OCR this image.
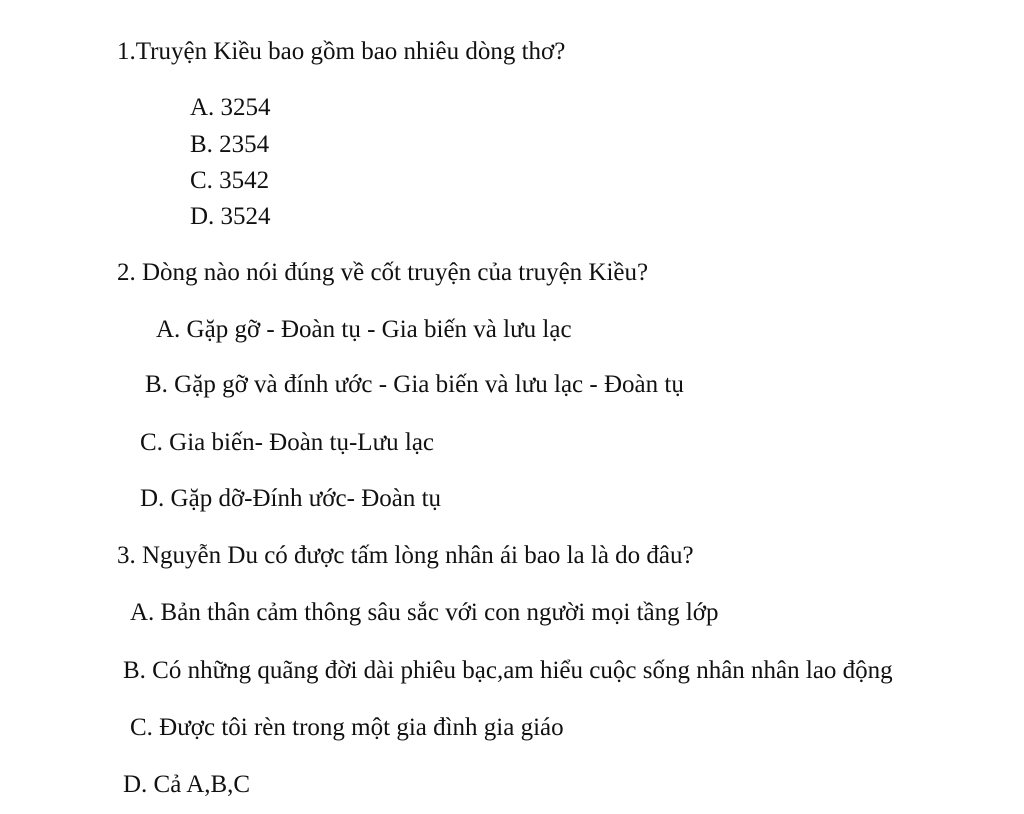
1.Truyện Kiều bao gồm bao nhiêu dòng thơ?
A. 3254
B. 2354
C. 3542
D. 3524
2. Dòng nào nói đúng về cốt truyện của truyện Kiều?
A. Gặp gỡ - Đoàn tụ - Gia biến và lưu lạc
B. Gặp gỡ và đính ước - Gia biến và lưu lạc - Đoàn tụ
C. Gia biến- Đoàn tụ-Lưu lạc
D. Gặp dỡ-Đính ước- Đoàn tụ
3. Nguyễn Du có được tấm lòng nhân ái bao la là do đâu?
A. Bản thân cảm thông sâu sắc với con người mọi tầng lớp
B. Có những quãng đời dài phiêu bạc,am hiểu cuộc sống nhân nhân lao động
C. Được tôi rèn trong một gia đình gia giáo
D. Cả A,B,C
